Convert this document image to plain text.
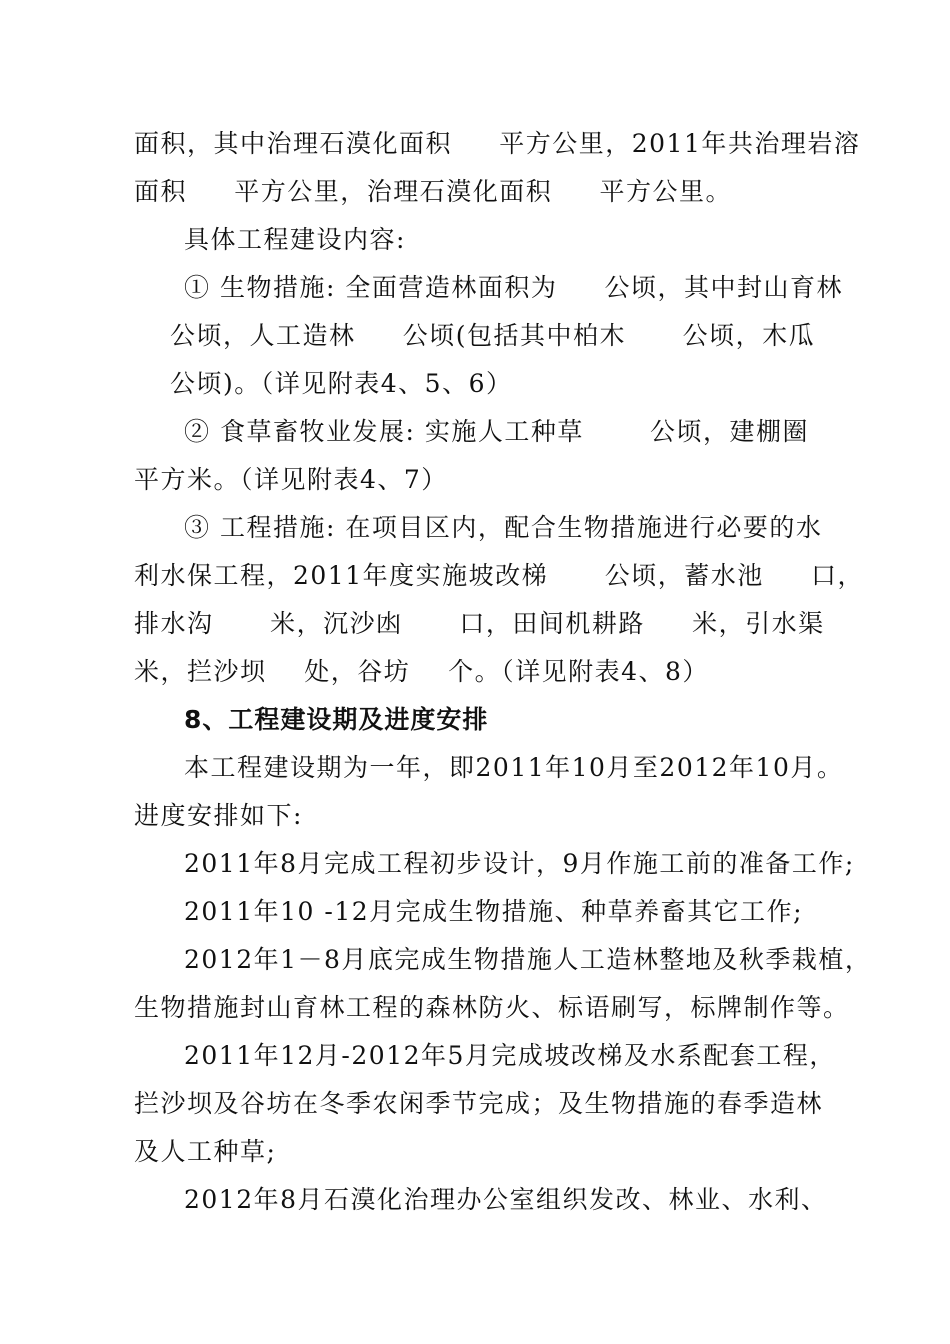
面积，其中治理石漠化面积     平方公里，2011年共治理岩溶
面积     平方公里，治理石漠化面积     平方公里。
具体工程建设内容:
① 生物措施: 全面营造林面积为     公顷，其中封山育林
公顷，人工造林     公顷(包括其中柏木      公顷，木瓜
公顷)。（详见附表4、5、6）
② 食草畜牧业发展: 实施人工种草       公顷，建棚圈
平方米。（详见附表4、7）
③ 工程措施: 在项目区内，配合生物措施进行必要的水
利水保工程，2011年度实施坡改梯      公顷，蓄水池     口，
排水沟      米，沉沙凼      口，田间机耕路     米，引水渠
米，拦沙坝    处，谷坊    个。（详见附表4、8）
8、工程建设期及进度安排
本工程建设期为一年，即2011年10月至2012年10月。
进度安排如下:
2011年8月完成工程初步设计，9月作施工前的准备工作;
2011年10 -12月完成生物措施、种草养畜其它工作;
2012年1－8月底完成生物措施人工造林整地及秋季栽植，
生物措施封山育林工程的森林防火、标语刷写，标牌制作等。
2011年12月-2012年5月完成坡改梯及水系配套工程，
拦沙坝及谷坊在冬季农闲季节完成；及生物措施的春季造林
及人工种草;
2012年8月石漠化治理办公室组织发改、林业、水利、
